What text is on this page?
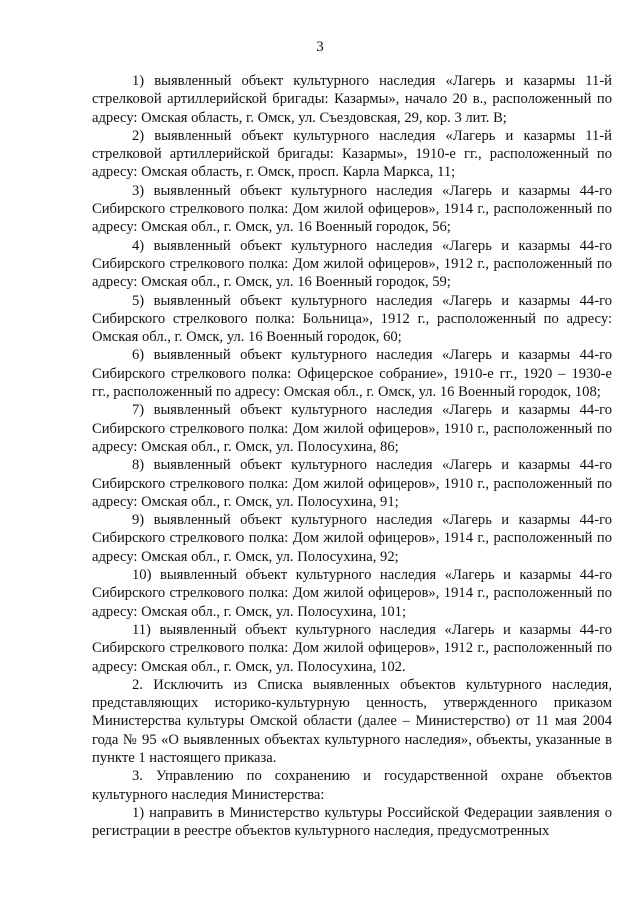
3

1) выявленный объект культурного наследия «Лагерь и казармы 11-й стрелковой артиллерийской бригады: Казармы», начало 20 в., расположенный по адресу: Омская область, г. Омск, ул. Съездовская, 29, кор. 3 лит. В;

2) выявленный объект культурного наследия «Лагерь и казармы 11-й стрелковой артиллерийской бригады: Казармы», 1910-е гг., расположенный по адресу: Омская область, г. Омск, просп. Карла Маркса, 11;

3) выявленный объект культурного наследия «Лагерь и казармы 44-го Сибирского стрелкового полка: Дом жилой офицеров», 1914 г., расположенный по адресу: Омская обл., г. Омск, ул. 16 Военный городок, 56;

4) выявленный объект культурного наследия «Лагерь и казармы 44-го Сибирского стрелкового полка: Дом жилой офицеров», 1912 г., расположенный по адресу: Омская обл., г. Омск, ул. 16 Военный городок, 59;

5) выявленный объект культурного наследия «Лагерь и казармы 44-го Сибирского стрелкового полка: Больница», 1912 г., расположенный по адресу: Омская обл., г. Омск, ул. 16 Военный городок, 60;

6) выявленный объект культурного наследия «Лагерь и казармы 44-го Сибирского стрелкового полка: Офицерское собрание», 1910-е гг., 1920 – 1930-е гг., расположенный по адресу: Омская обл., г. Омск, ул. 16 Военный городок, 108;

7) выявленный объект культурного наследия «Лагерь и казармы 44-го Сибирского стрелкового полка: Дом жилой офицеров», 1910 г., расположенный по адресу: Омская обл., г. Омск, ул. Полосухина, 86;

8) выявленный объект культурного наследия «Лагерь и казармы 44-го Сибирского стрелкового полка: Дом жилой офицеров», 1910 г., расположенный по адресу: Омская обл., г. Омск, ул. Полосухина, 91;

9) выявленный объект культурного наследия «Лагерь и казармы 44-го Сибирского стрелкового полка: Дом жилой офицеров», 1914 г., расположенный по адресу: Омская обл., г. Омск, ул. Полосухина, 92;

10) выявленный объект культурного наследия «Лагерь и казармы 44-го Сибирского стрелкового полка: Дом жилой офицеров», 1914 г., расположенный по адресу: Омская обл., г. Омск, ул. Полосухина, 101;

11) выявленный объект культурного наследия «Лагерь и казармы 44-го Сибирского стрелкового полка: Дом жилой офицеров», 1912 г., расположенный по адресу: Омская обл., г. Омск, ул. Полосухина, 102.

2. Исключить из Списка выявленных объектов культурного наследия, представляющих историко-культурную ценность, утвержденного приказом Министерства культуры Омской области (далее – Министерство) от 11 мая 2004 года № 95 «О выявленных объектах культурного наследия», объекты, указанные в пункте 1 настоящего приказа.

3. Управлению по сохранению и государственной охране объектов культурного наследия Министерства:

1) направить в Министерство культуры Российской Федерации заявления о регистрации в реестре объектов культурного наследия, предусмотренных
